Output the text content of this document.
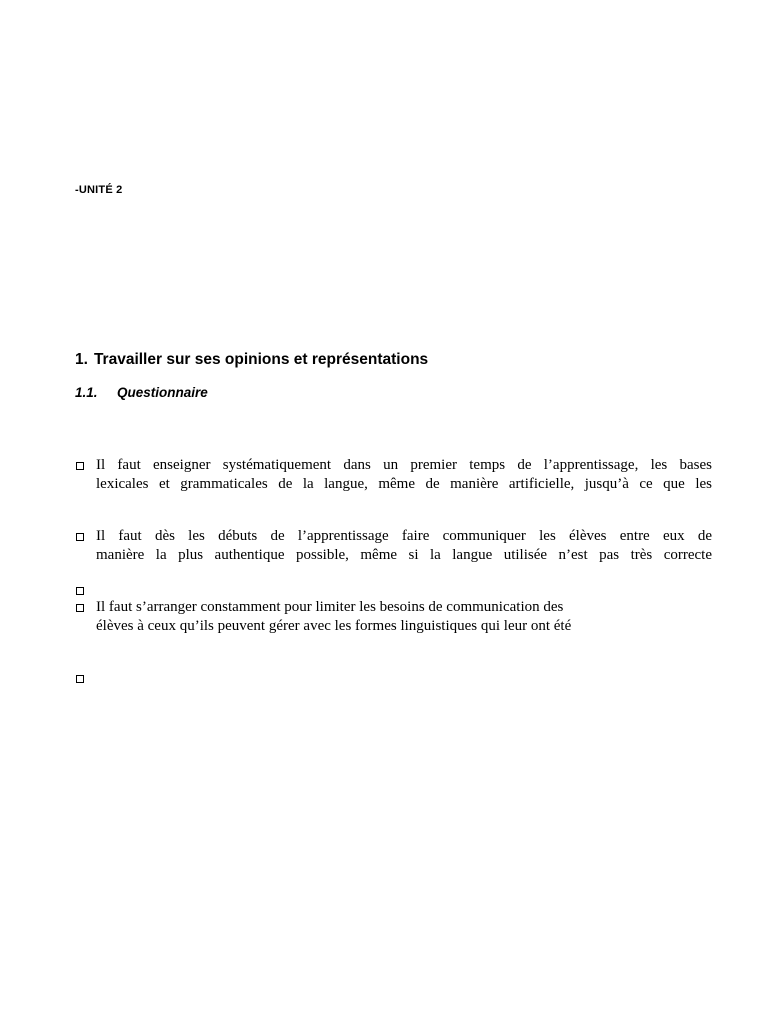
-UNITÉ 2
1. Travailler sur ses opinions et représentations
1.1. Questionnaire
Il faut enseigner systématiquement dans un premier temps de l’apprentissage, les bases
lexicales et grammaticales de la langue, même de manière artificielle, jusqu’à ce que les
Il faut dès les débuts de l’apprentissage faire communiquer les élèves entre eux de
manière la plus authentique possible, même si la langue utilisée n’est pas très correcte
Il faut s’arranger constamment pour limiter les besoins de communication des
élèves à ceux qu’ils peuvent gérer avec les formes linguistiques qui leur ont été
